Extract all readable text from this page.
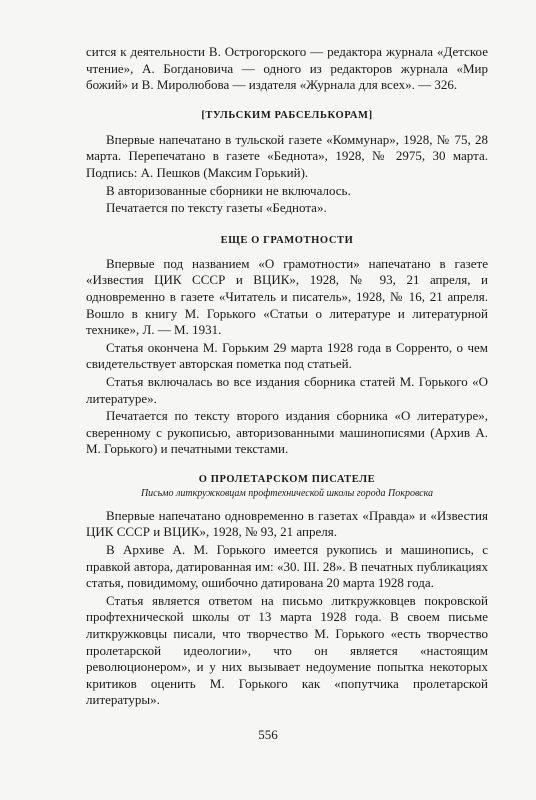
сится к деятельности В. Острогорского — редактора журнала «Детское чтение», А. Богдановича — одного из редакторов журнала «Мир божий» и В. Миролюбова — издателя «Журнала для всех». — 326.

[ТУЛЬСКИМ РАБСЕЛЬКОРАМ]

Впервые напечатано в тульской газете «Коммунар», 1928, № 75, 28 марта. Перепечатано в газете «Беднота», 1928, № 2975, 30 марта. Подпись: А. Пешков (Максим Горький).

В авторизованные сборники не включалось.

Печатается по тексту газеты «Беднота».

ЕЩЕ О ГРАМОТНОСТИ

Впервые под названием «О грамотности» напечатано в газете «Известия ЦИК СССР и ВЦИК», 1928, № 93, 21 апреля, и одновременно в газете «Читатель и писатель», 1928, № 16, 21 апреля. Вошло в книгу М. Горького «Статьи о литературе и литературной технике», Л. — М. 1931.

Статья окончена М. Горьким 29 марта 1928 года в Сорренто, о чем свидетельствует авторская пометка под статьей.

Статья включалась во все издания сборника статей М. Горького «О литературе».

Печатается по тексту второго издания сборника «О литературе», сверенному с рукописью, авторизованными машинописями (Архив А. М. Горького) и печатными текстами.

О ПРОЛЕТАРСКОМ ПИСАТЕЛЕ

Письмо литкружковцам профтехнической школы города Покровска

Впервые напечатано одновременно в газетах «Правда» и «Известия ЦИК СССР и ВЦИК», 1928, № 93, 21 апреля.

В Архиве А. М. Горького имеется рукопись и машинопись, с правкой автора, датированная им: «30. III. 28». В печатных публикациях статья, повидимому, ошибочно датирована 20 марта 1928 года.

Статья является ответом на письмо литкружковцев покровской профтехнической школы от 13 марта 1928 года. В своем письме литкружковцы писали, что творчество М. Горького «есть творчество пролетарской идеологии», что он является «настоящим революционером», и у них вызывает недоумение попытка некоторых критиков оценить М. Горького как «попутчика пролетарской литературы».

556
